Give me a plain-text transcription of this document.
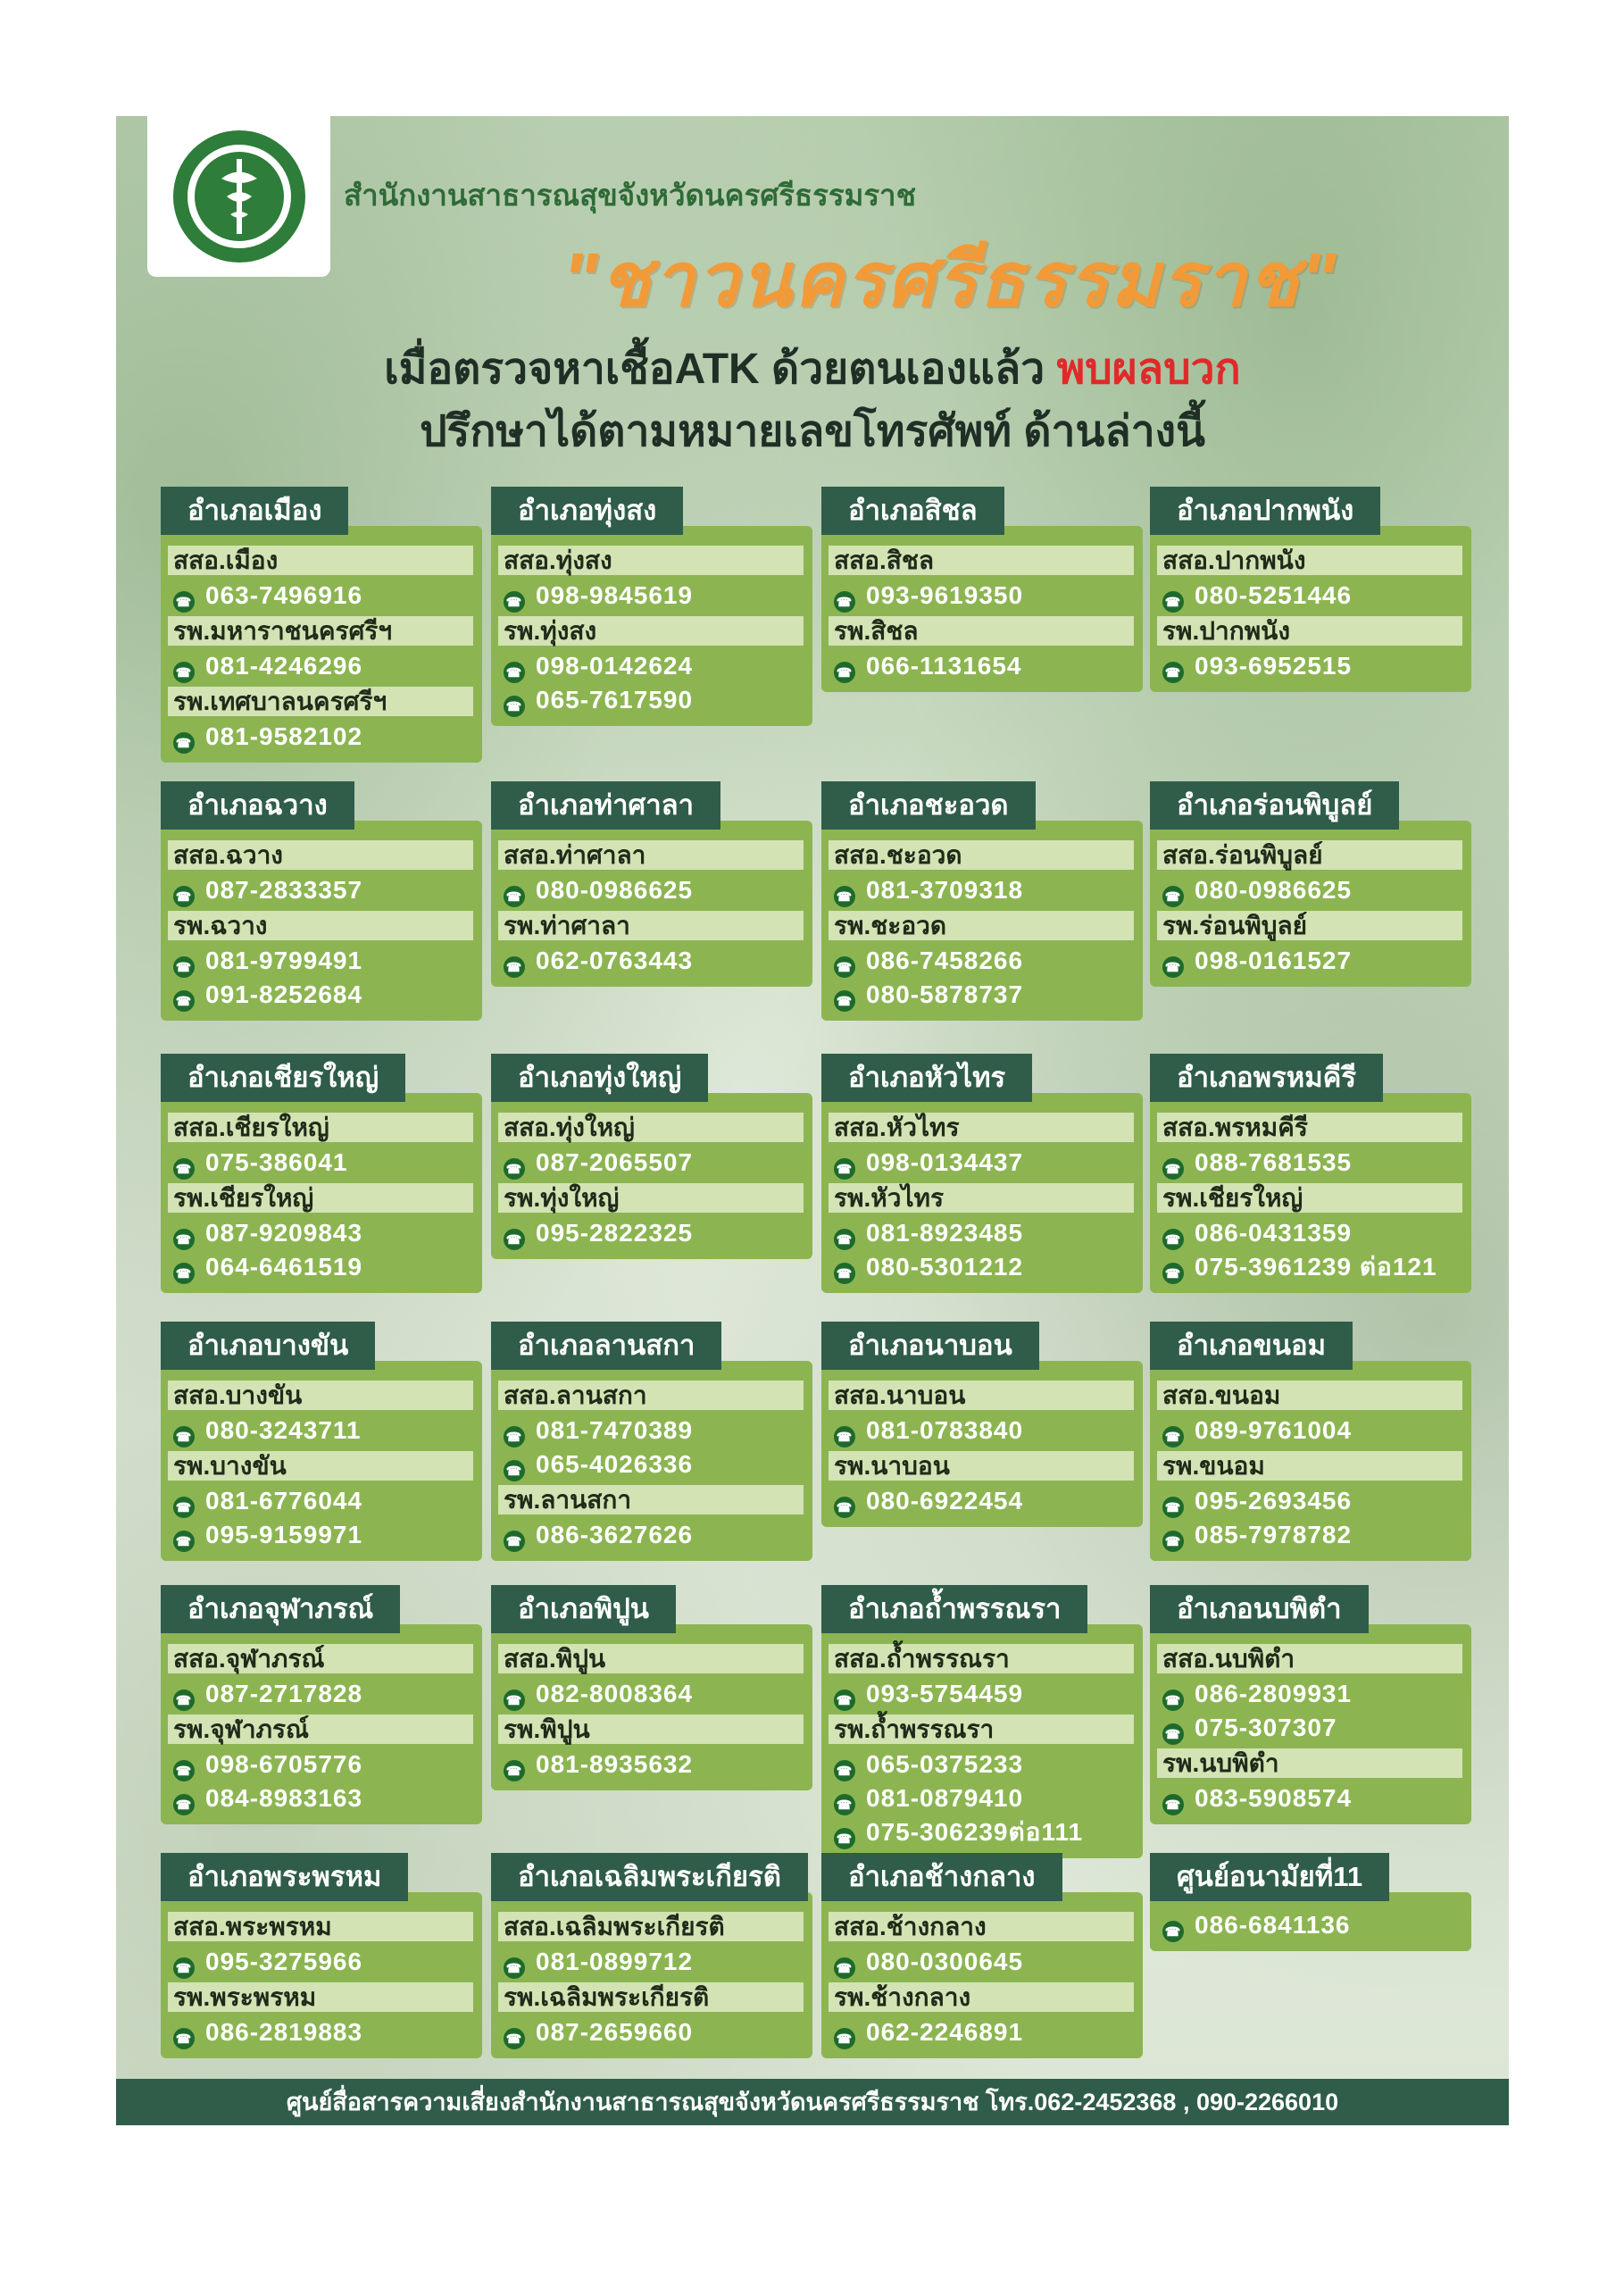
สำนักงานสาธารณสุขจังหวัดนครศรีธรรมราช
"ชาวนครศรีธรรมราช"
เมื่อตรวจหาเชื้อATK ด้วยตนเองแล้ว พบผลบวก
ปรึกษาได้ตามหมายเลขโทรศัพท์ ด้านล่างนี้
อำเภอเมือง
สสอ.เมือง
☎ 063-7496916
รพ.มหาราชนครศรีฯ
☎ 081-4246296
รพ.เทศบาลนครศรีฯ
☎ 081-9582102
อำเภอทุ่งสง
สสอ.ทุ่งสง
☎ 098-9845619
รพ.ทุ่งสง
☎ 098-0142624
☎ 065-7617590
อำเภอสิชล
สสอ.สิชล
☎ 093-9619350
รพ.สิชล
☎ 066-1131654
อำเภอปากพนัง
สสอ.ปากพนัง
☎ 080-5251446
รพ.ปากพนัง
☎ 093-6952515
อำเภอฉวาง
สสอ.ฉวาง
☎ 087-2833357
รพ.ฉวาง
☎ 081-9799491
☎ 091-8252684
อำเภอท่าศาลา
สสอ.ท่าศาลา
☎ 080-0986625
รพ.ท่าศาลา
☎ 062-0763443
อำเภอชะอวด
สสอ.ชะอวด
☎ 081-3709318
รพ.ชะอวด
☎ 086-7458266
☎ 080-5878737
อำเภอร่อนพิบูลย์
สสอ.ร่อนพิบูลย์
☎ 080-0986625
รพ.ร่อนพิบูลย์
☎ 098-0161527
อำเภอเชียรใหญ่
สสอ.เชียรใหญ่
☎ 075-386041
รพ.เชียรใหญ่
☎ 087-9209843
☎ 064-6461519
อำเภอทุ่งใหญ่
สสอ.ทุ่งใหญ่
☎ 087-2065507
รพ.ทุ่งใหญ่
☎ 095-2822325
อำเภอหัวไทร
สสอ.หัวไทร
☎ 098-0134437
รพ.หัวไทร
☎ 081-8923485
☎ 080-5301212
อำเภอพรหมคีรี
สสอ.พรหมคีรี
☎ 088-7681535
รพ.เชียรใหญ่
☎ 086-0431359
☎ 075-3961239 ต่อ121
อำเภอบางขัน
สสอ.บางขัน
☎ 080-3243711
รพ.บางขัน
☎ 081-6776044
☎ 095-9159971
อำเภอลานสกา
สสอ.ลานสกา
☎ 081-7470389
☎ 065-4026336
รพ.ลานสกา
☎ 086-3627626
อำเภอนาบอน
สสอ.นาบอน
☎ 081-0783840
รพ.นาบอน
☎ 080-6922454
อำเภอขนอม
สสอ.ขนอม
☎ 089-9761004
รพ.ขนอม
☎ 095-2693456
☎ 085-7978782
อำเภอจุฬาภรณ์
สสอ.จุฬาภรณ์
☎ 087-2717828
รพ.จุฬาภรณ์
☎ 098-6705776
☎ 084-8983163
อำเภอพิปูน
สสอ.พิปูน
☎ 082-8008364
รพ.พิปูน
☎ 081-8935632
อำเภอถ้ำพรรณรา
สสอ.ถ้ำพรรณรา
☎ 093-5754459
รพ.ถ้ำพรรณรา
☎ 065-0375233
☎ 081-0879410
☎ 075-306239ต่อ111
อำเภอนบพิตำ
สสอ.นบพิตำ
☎ 086-2809931
☎ 075-307307
รพ.นบพิตำ
☎ 083-5908574
อำเภอพระพรหม
สสอ.พระพรหม
☎ 095-3275966
รพ.พระพรหม
☎ 086-2819883
อำเภอเฉลิมพระเกียรติ
สสอ.เฉลิมพระเกียรติ
☎ 081-0899712
รพ.เฉลิมพระเกียรติ
☎ 087-2659660
อำเภอช้างกลาง
สสอ.ช้างกลาง
☎ 080-0300645
รพ.ช้างกลาง
☎ 062-2246891
ศูนย์อนามัยที่11
☎ 086-6841136
ศูนย์สื่อสารความเสี่ยงสำนักงานสาธารณสุขจังหวัดนครศรีธรรมราช โทร.062-2452368 , 090-2266010
